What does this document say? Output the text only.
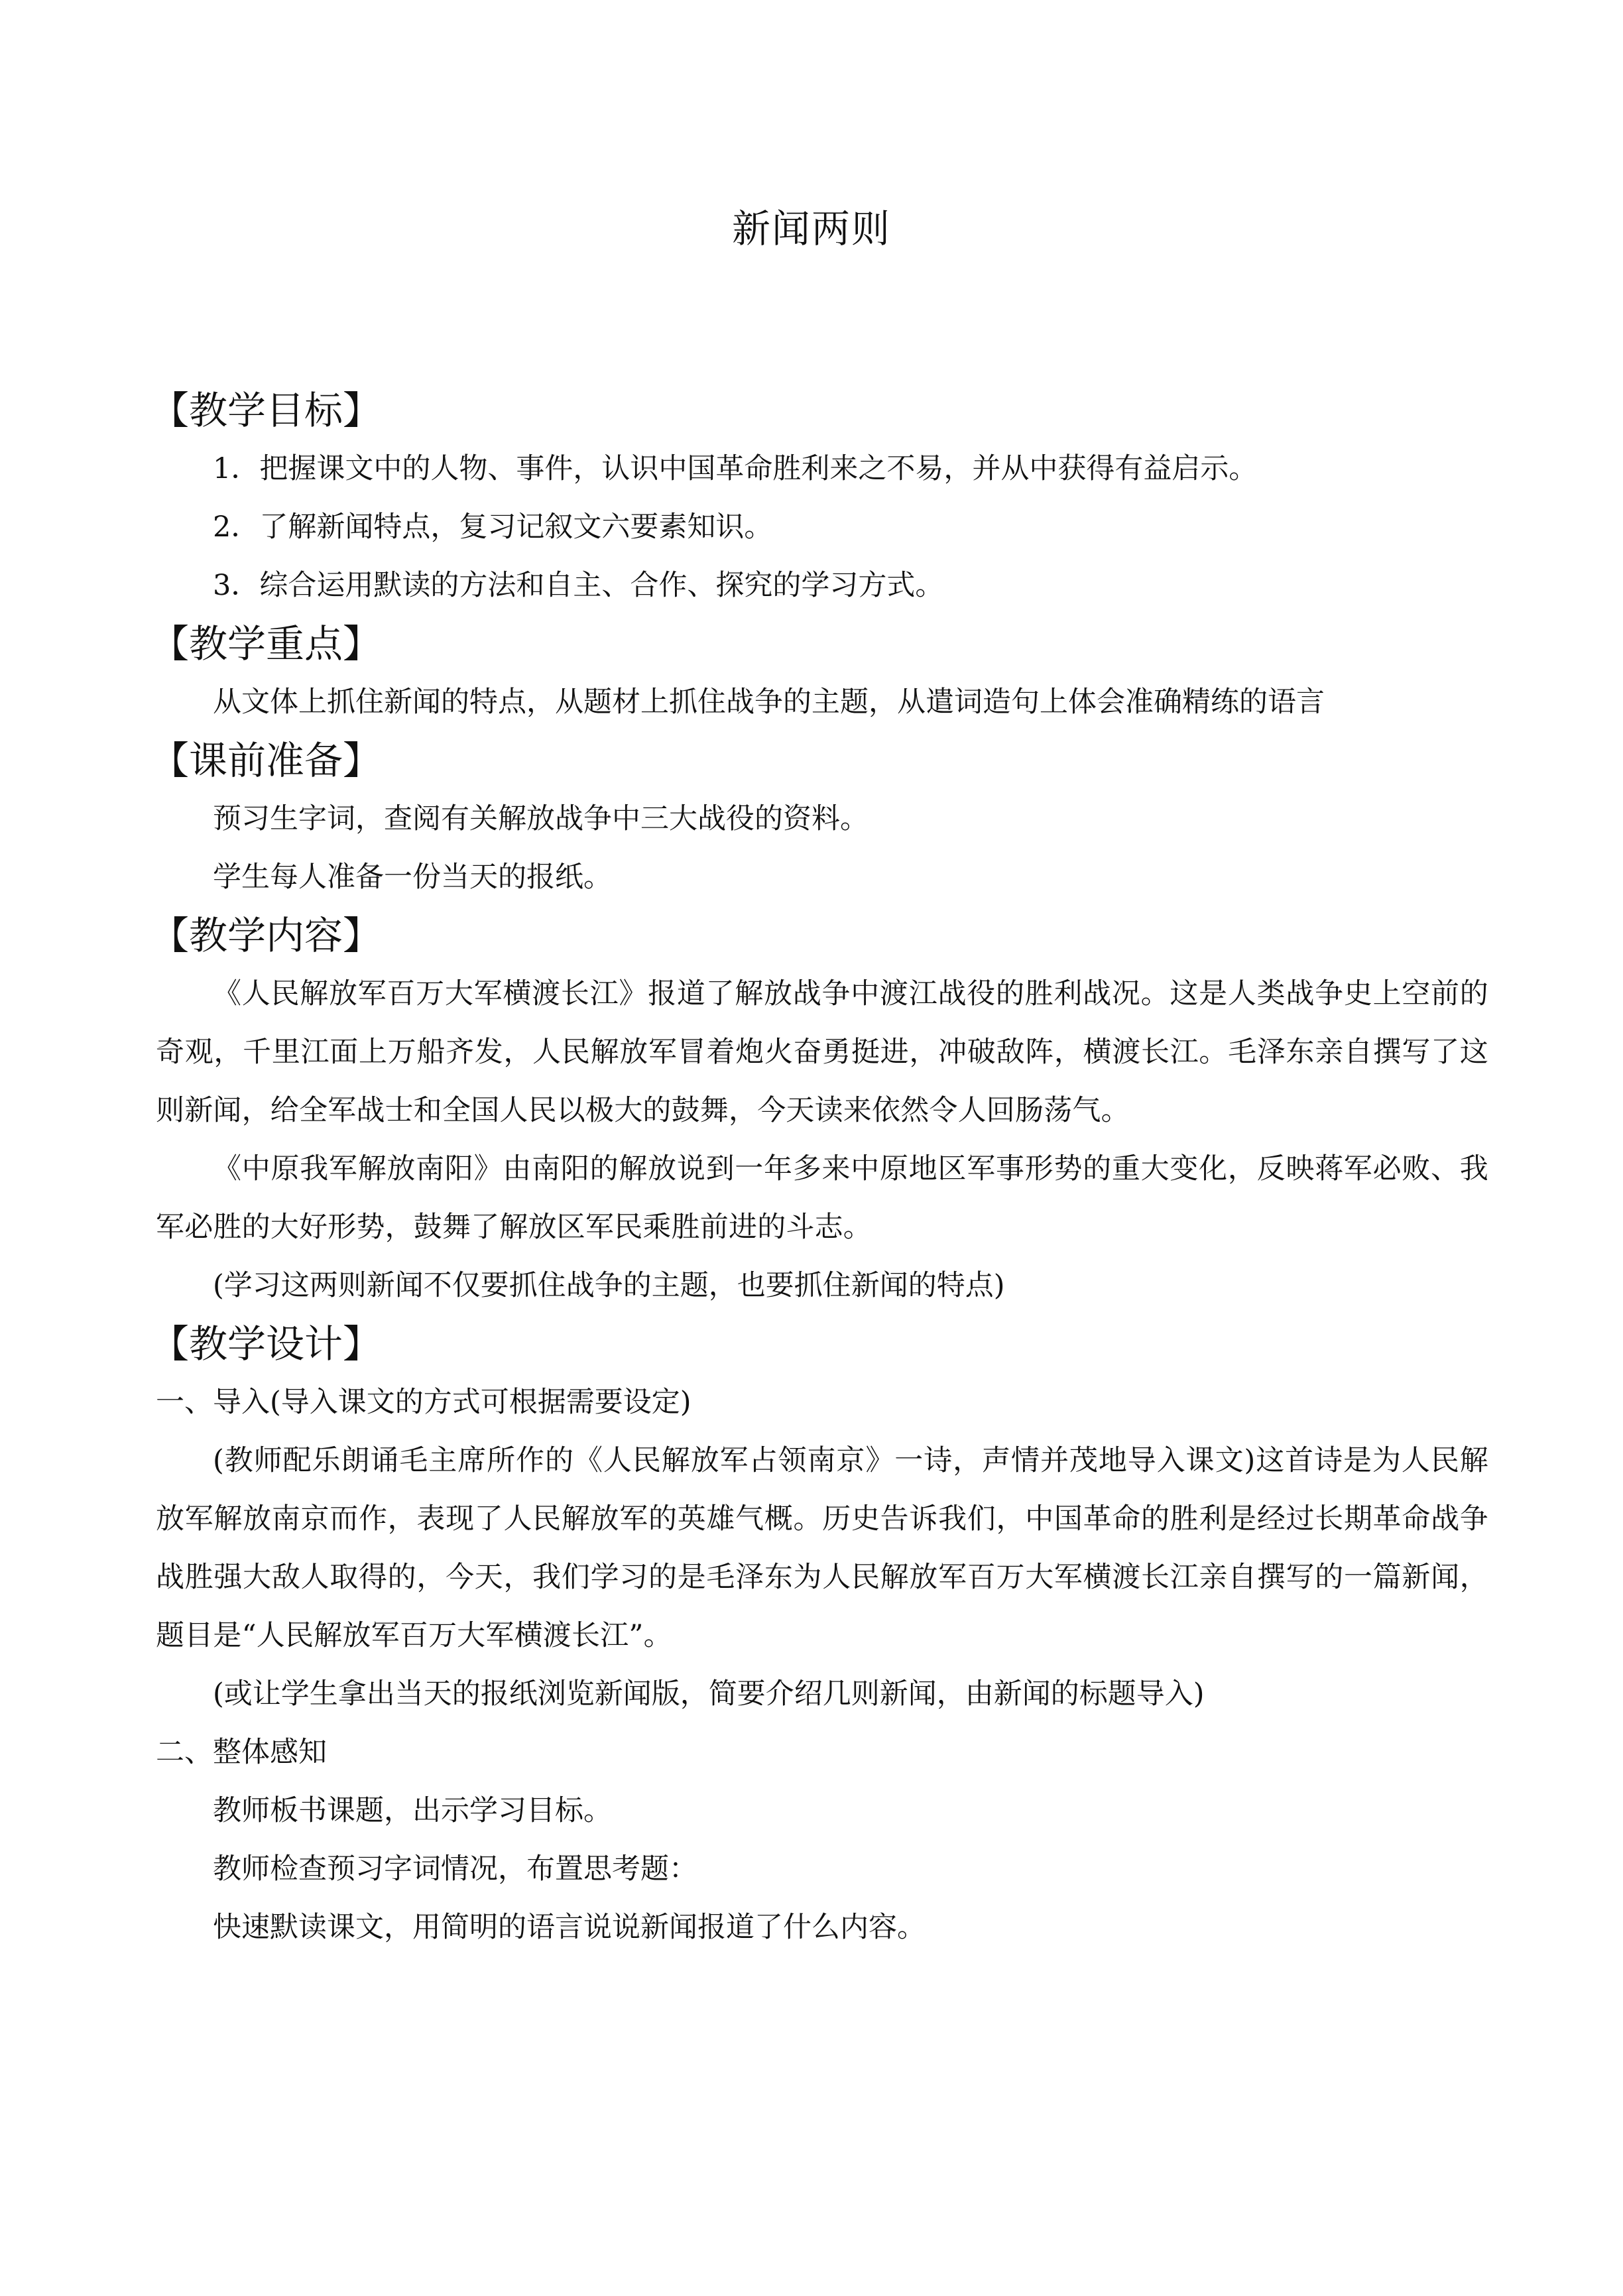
新闻两则
【教学目标】

1．把握课文中的人物、事件，认识中国革命胜利来之不易，并从中获得有益启示。

2．了解新闻特点，复习记叙文六要素知识。

3．综合运用默读的方法和自主、合作、探究的学习方式。

【教学重点】

从文体上抓住新闻的特点，从题材上抓住战争的主题，从遣词造句上体会准确精练的语言

【课前准备】

预习生字词，查阅有关解放战争中三大战役的资料。

学生每人准备一份当天的报纸。

【教学内容】

《人民解放军百万大军横渡长江》报道了解放战争中渡江战役的胜利战况。这是人类战争史上空前的奇观，千里江面上万船齐发，人民解放军冒着炮火奋勇挺进，冲破敌阵，横渡长江。毛泽东亲自撰写了这则新闻，给全军战士和全国人民以极大的鼓舞，今天读来依然令人回肠荡气。

《中原我军解放南阳》由南阳的解放说到一年多来中原地区军事形势的重大变化，反映蒋军必败、我军必胜的大好形势，鼓舞了解放区军民乘胜前进的斗志。

(学习这两则新闻不仅要抓住战争的主题，也要抓住新闻的特点)

【教学设计】
一、导入(导入课文的方式可根据需要设定)

(教师配乐朗诵毛主席所作的《人民解放军占领南京》一诗，声情并茂地导入课文)这首诗是为人民解放军解放南京而作，表现了人民解放军的英雄气概。历史告诉我们，中国革命的胜利是经过长期革命战争战胜强大敌人取得的，今天，我们学习的是毛泽东为人民解放军百万大军横渡长江亲自撰写的一篇新闻，题目是“人民解放军百万大军横渡长江”。

(或让学生拿出当天的报纸浏览新闻版，简要介绍几则新闻，由新闻的标题导入)

二、整体感知

教师板书课题，出示学习目标。

教师检查预习字词情况，布置思考题：

快速默读课文，用简明的语言说说新闻报道了什么内容。
